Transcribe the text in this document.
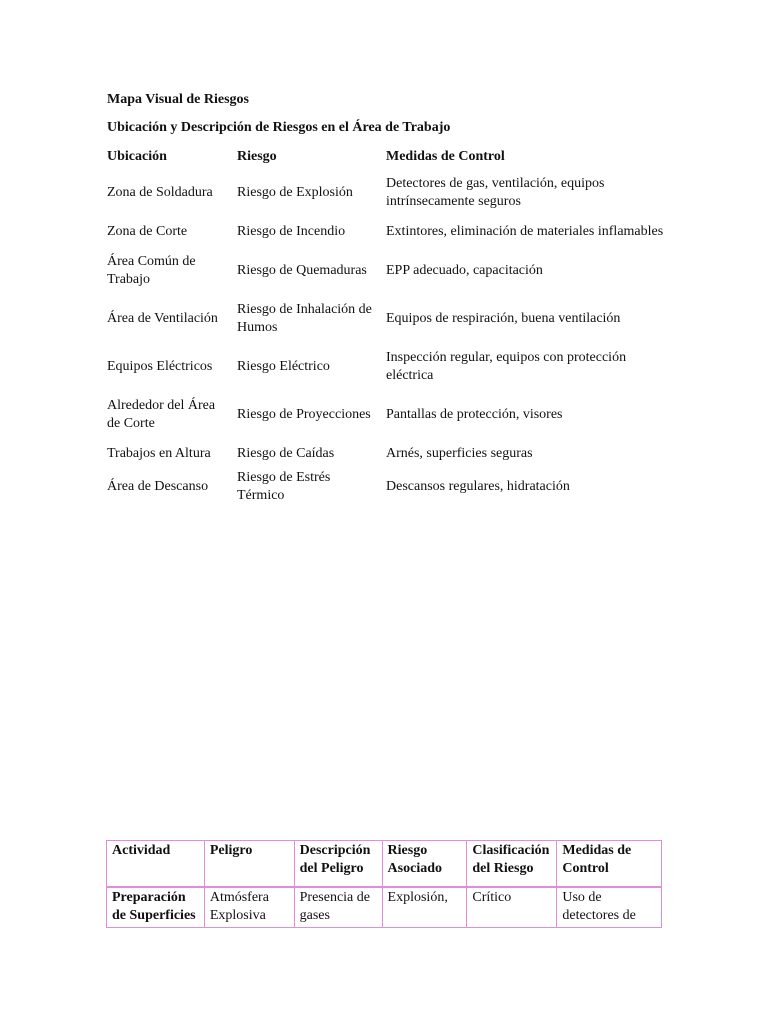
Mapa Visual de Riesgos
Ubicación y Descripción de Riesgos en el Área de Trabajo
Ubicación	Riesgo	Medidas de Control
Zona de Soldadura	Riesgo de Explosión	Detectores de gas, ventilación, equipos intrínsecamente seguros
Zona de Corte	Riesgo de Incendio	Extintores, eliminación de materiales inflamables
Área Común de Trabajo	Riesgo de Quemaduras	EPP adecuado, capacitación
Área de Ventilación	Riesgo de Inhalación de Humos	Equipos de respiración, buena ventilación
Equipos Eléctricos	Riesgo Eléctrico	Inspección regular, equipos con protección eléctrica
Alrededor del Área de Corte	Riesgo de Proyecciones	Pantallas de protección, visores
Trabajos en Altura	Riesgo de Caídas	Arnés, superficies seguras
Área de Descanso	Riesgo de Estrés Térmico	Descansos regulares, hidratación
Actividad	Peligro	Descripción del Peligro	Riesgo Asociado	Clasificación del Riesgo	Medidas de Control
Preparación de Superficies	Atmósfera Explosiva	Presencia de gases	Explosión,	Crítico	Uso de detectores de
